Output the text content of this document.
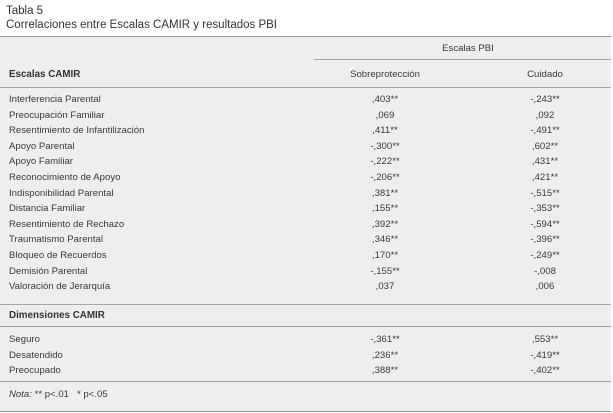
Tabla 5
Correlaciones entre Escalas CAMIR y resultados PBI
Escalas PBI
Escalas CAMIR	Sobreprotección	Cuidado
Interferencia Parental	,403**	-,243**
Preocupación Familiar	,069	,092
Resentimiento de Infantilización	,411**	-,491**
Apoyo Parental	-,300**	,602**
Apoyo Familiar	-,222**	,431**
Reconocimiento de Apoyo	-,206**	,421**
Indisponibilidad Parental	,381**	-,515**
Distancia Familiar	,155**	-,353**
Resentimiento de Rechazo	,392**	-,594**
Traumatismo Parental	,346**	-,396**
Bloqueo de Recuerdos	,170**	-,249**
Demisión Parental	-,155**	-,008
Valoración de Jerarquía	,037	,006
Dimensiones CAMIR
Seguro	-,361**	,553**
Desatendido	,236**	-,419**
Preocupado	,388**	-,402**
Nota: ** p<.01   * p<.05
